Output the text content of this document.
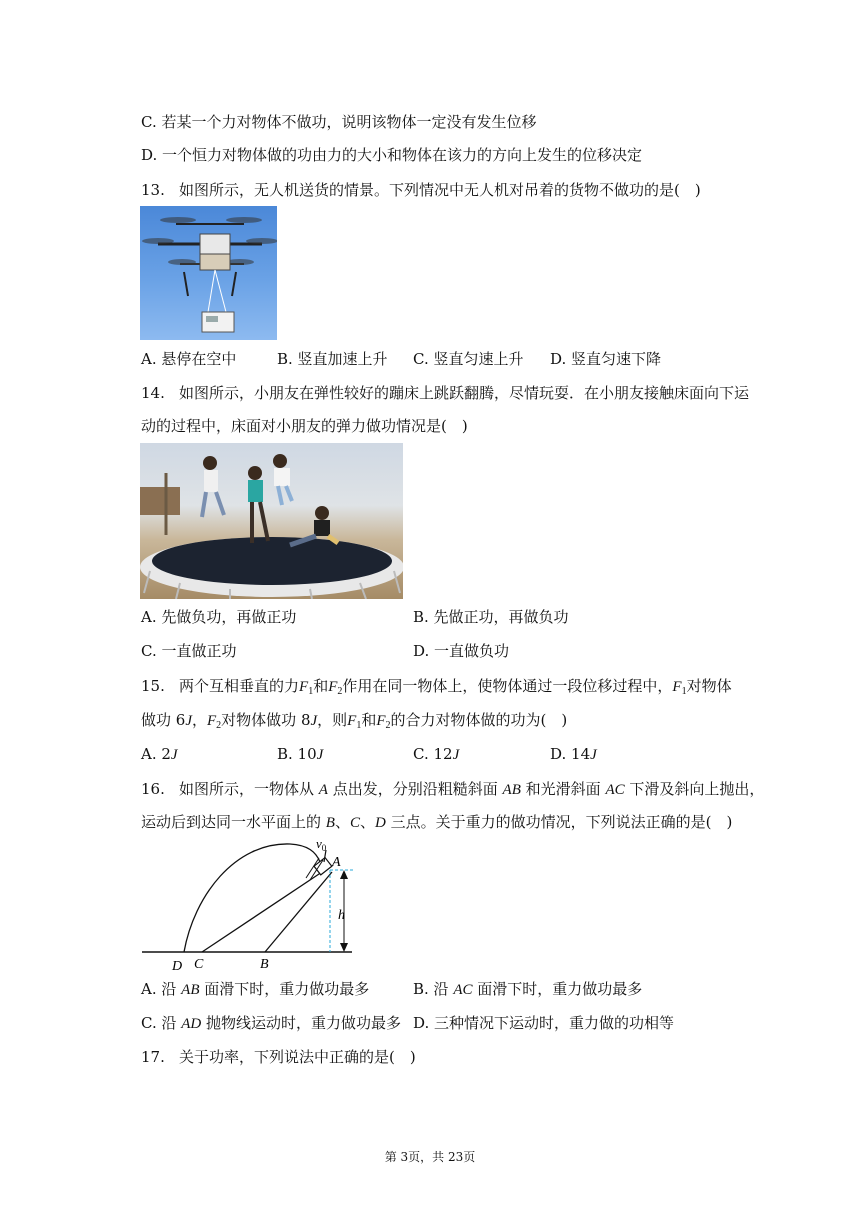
C. 若某一个力对物体不做功，说明该物体一定没有发生位移
D. 一个恒力对物体做的功由力的大小和物体在该力的方向上发生的位移决定
13. 如图所示，无人机送货的情景。下列情况中无人机对吊着的货物不做功的是(　)
A. 悬停在空中	B. 竖直加速上升 C. 竖直匀速上升 D. 竖直匀速下降
14. 如图所示，小朋友在弹性较好的蹦床上跳跃翻腾，尽情玩耍．在小朋友接触床面向下运
动的过程中，床面对小朋友的弹力做功情况是(　)
A. 先做负功，再做正功	B. 先做正功，再做负功
C. 一直做正功	D. 一直做负功
15. 两个互相垂直的力$F_1$和$F_2$作用在同一物体上，使物体通过一段位移过程中，$F_1$对物体
做功 6J，$F_2$对物体做功 8J，则$F_1$和$F_2$的合力对物体做的功为(　)
A. 2J	B. 10J	C. 12J	D. 14J
16. 如图所示，一物体从 A 点出发，分别沿粗糙斜面 AB 和光滑斜面 AC 下滑及斜向上抛出，
运动后到达同一水平面上的 B、C、D 三点。关于重力的做功情况，下列说法正确的是(　)
$v_0$
A
h
D C	B
A. 沿 AB 面滑下时，重力做功最多	B. 沿 AC 面滑下时，重力做功最多
C. 沿 AD 抛物线运动时，重力做功最多 D. 三种情况下运动时，重力做的功相等
17. 关于功率，下列说法中正确的是(　)
第 3页，共 23页
